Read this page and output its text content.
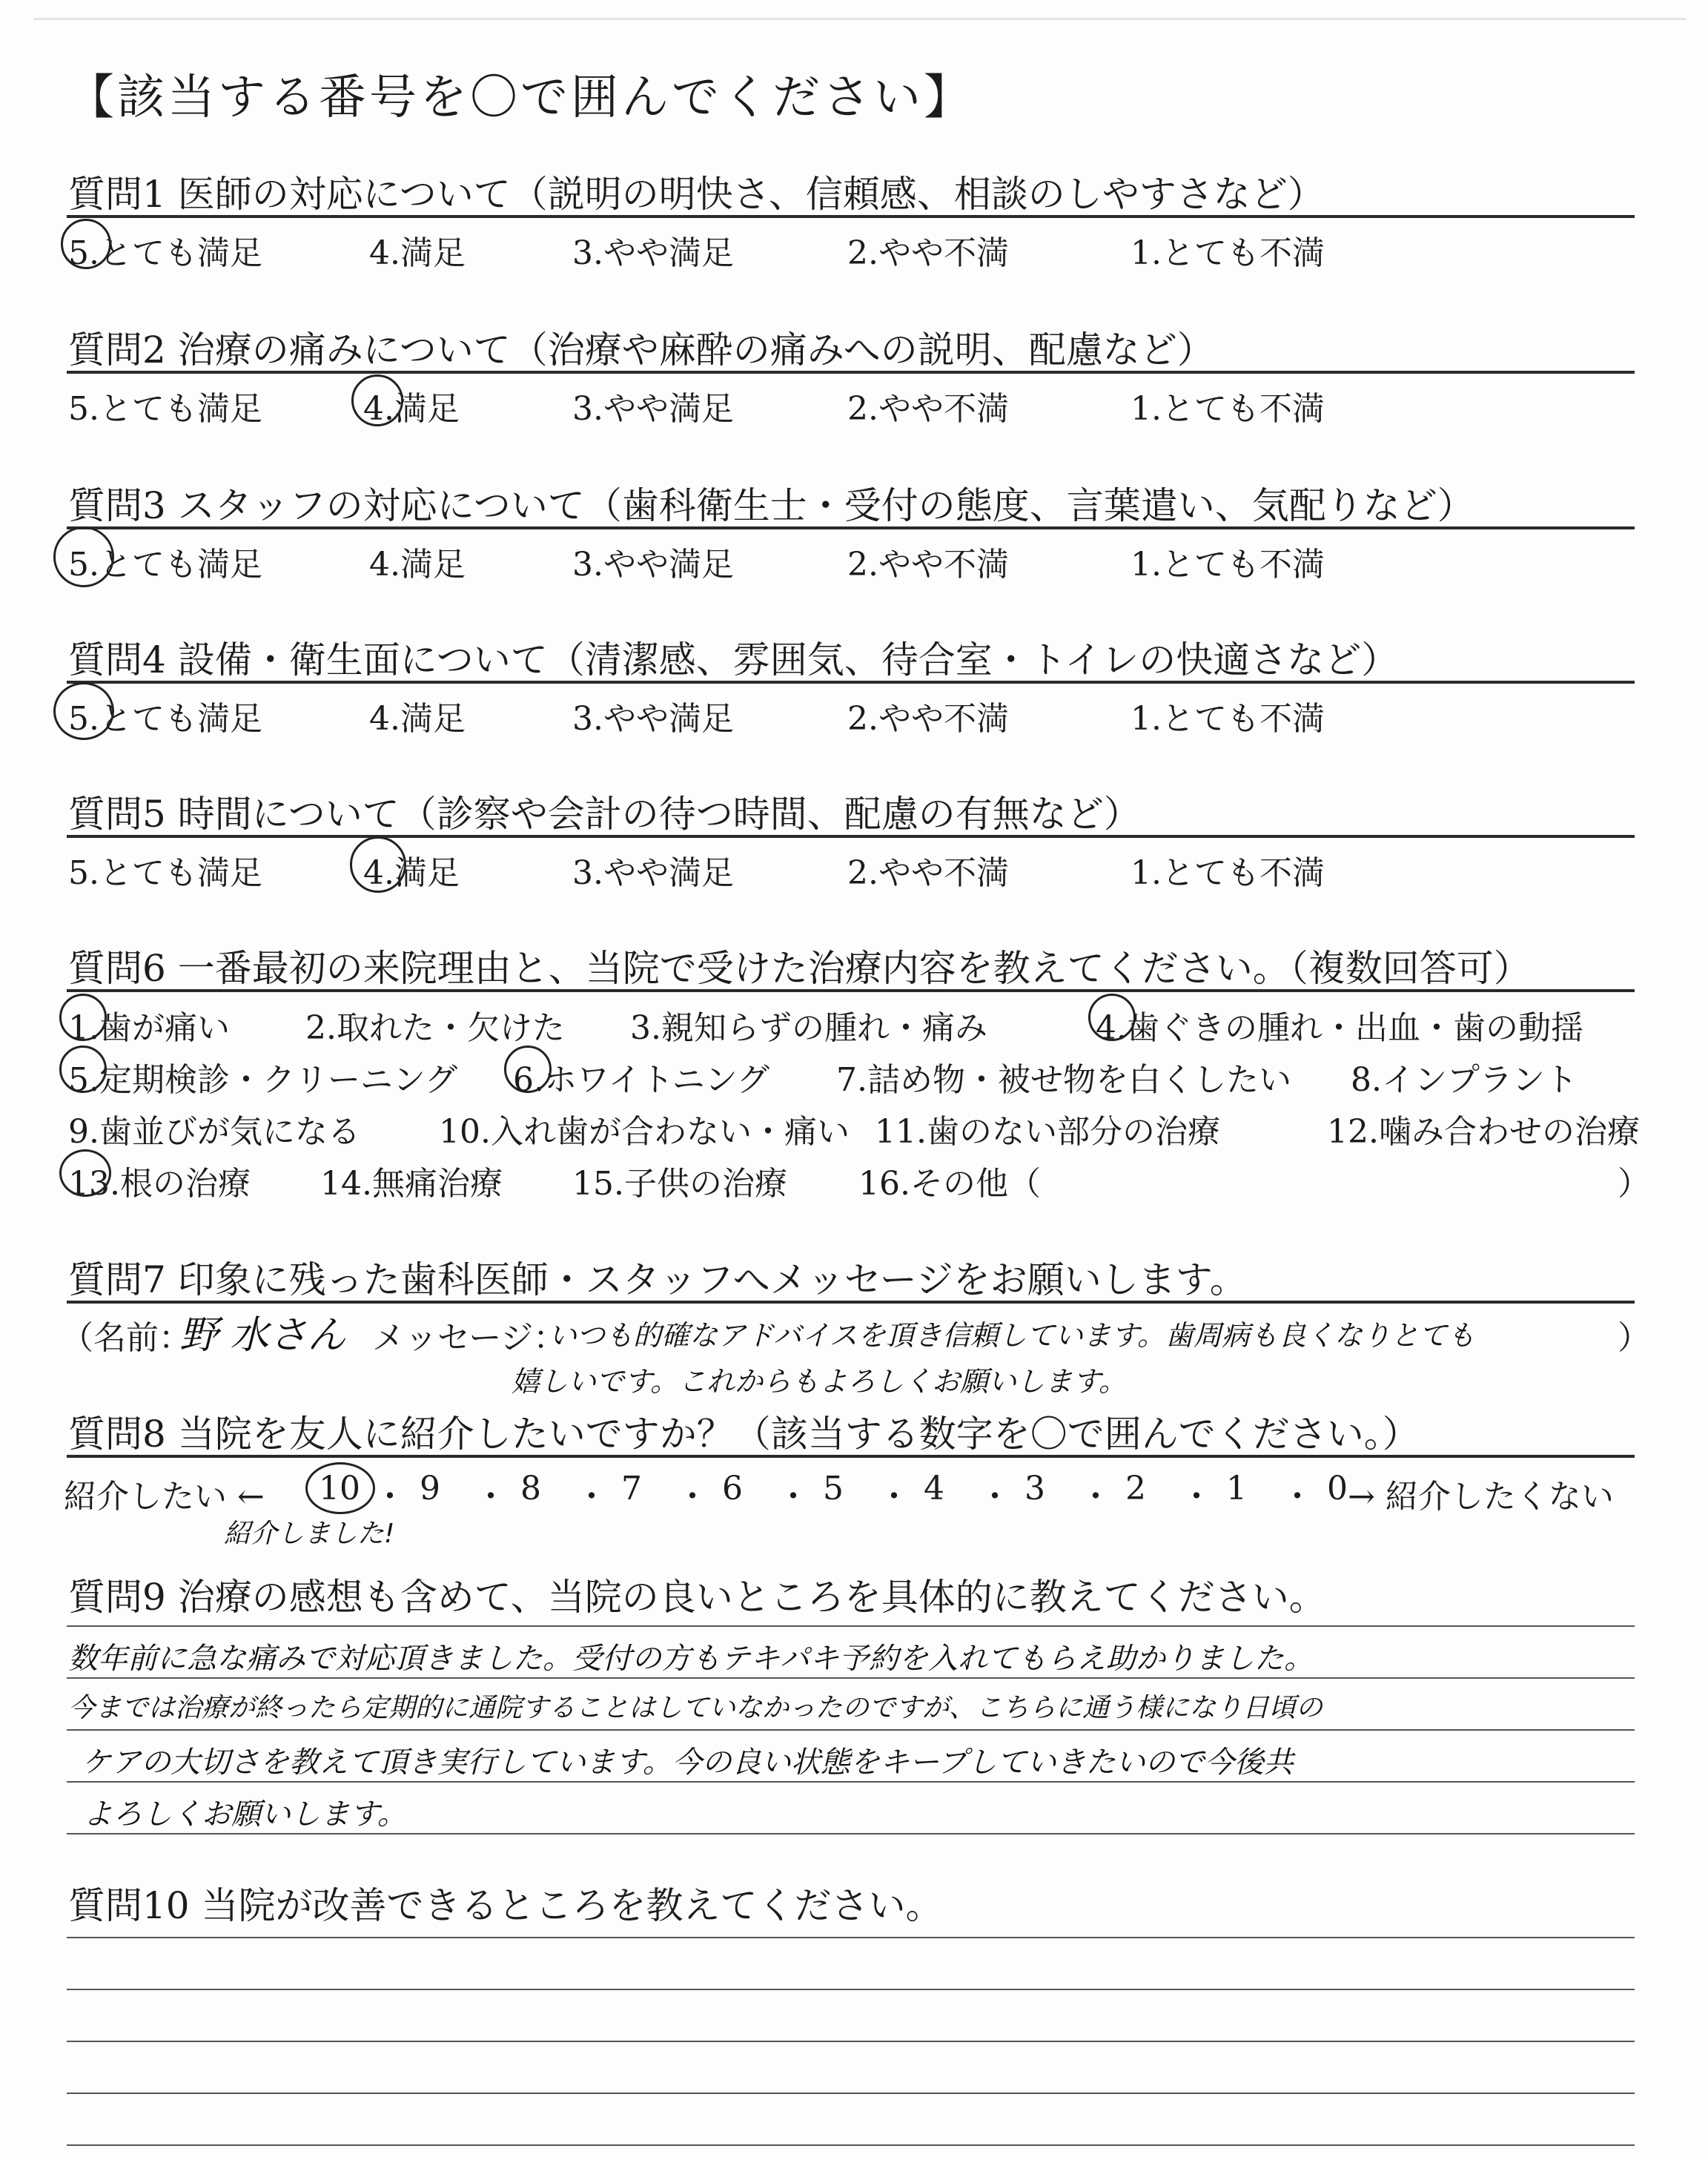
【該当する番号を〇で囲んでください】
質問1 医師の対応について（説明の明快さ、信頼感、相談のしやすさなど）
5.とても満足	4.満足	3.やや満足	2.やや不満	1.とても不満
質問2 治療の痛みについて（治療や麻酔の痛みへの説明、配慮など）
5.とても満足	4.満足	3.やや満足	2.やや不満	1.とても不満
質問3 スタッフの対応について（歯科衛生士・受付の態度、言葉遣い、気配りなど）
5.とても満足	4.満足	3.やや満足	2.やや不満	1.とても不満
質問4 設備・衛生面について（清潔感、雰囲気、待合室・トイレの快適さなど）
5.とても満足	4.満足	3.やや満足	2.やや不満	1.とても不満
質問5 時間について（診察や会計の待つ時間、配慮の有無など）
5.とても満足	4.満足	3.やや満足	2.やや不満	1.とても不満
質問6 一番最初の来院理由と、当院で受けた治療内容を教えてください。（複数回答可）
1.歯が痛い 2.取れた・欠けた 3.親知らずの腫れ・痛み	4.歯ぐきの腫れ・出血・歯の動揺
5.定期検診・クリーニング 6.ホワイトニング 7.詰め物・被せ物を白くしたい 8.インプラント
9.歯並びが気になる 10.入れ歯が合わない・痛い 11.歯のない部分の治療	12.噛み合わせの治療
13.根の治療 14.無痛治療 15.子供の治療 16.その他（	）
質問7 印象に残った歯科医師・スタッフへメッセージをお願いします。
（名前：
野 水さん メッセージ：
いつも的確なアドバイスを頂き信頼しています。歯周病も良くなりとても	）
嬉しいです。これからもよろしくお願いします。
質問8 当院を友人に紹介したいですか？（該当する数字を〇で囲んでください。）
紹介したい ← 10 ・ 9 ・ 8 ・ 7 ・ 6 ・ 5 ・ 4 ・ 3 ・ 2 ・ 1 ・ 0 → 紹介したくない
紹介しました!
質問9 治療の感想も含めて、当院の良いところを具体的に教えてください。
数年前に急な痛みで対応頂きました。受付の方もテキパキ予約を入れてもらえ助かりました。
今までは治療が終ったら定期的に通院することはしていなかったのですが、こちらに通う様になり日頃の
ケアの大切さを教えて頂き実行しています。今の良い状態をキープしていきたいので今後共
よろしくお願いします。
質問10 当院が改善できるところを教えてください。
